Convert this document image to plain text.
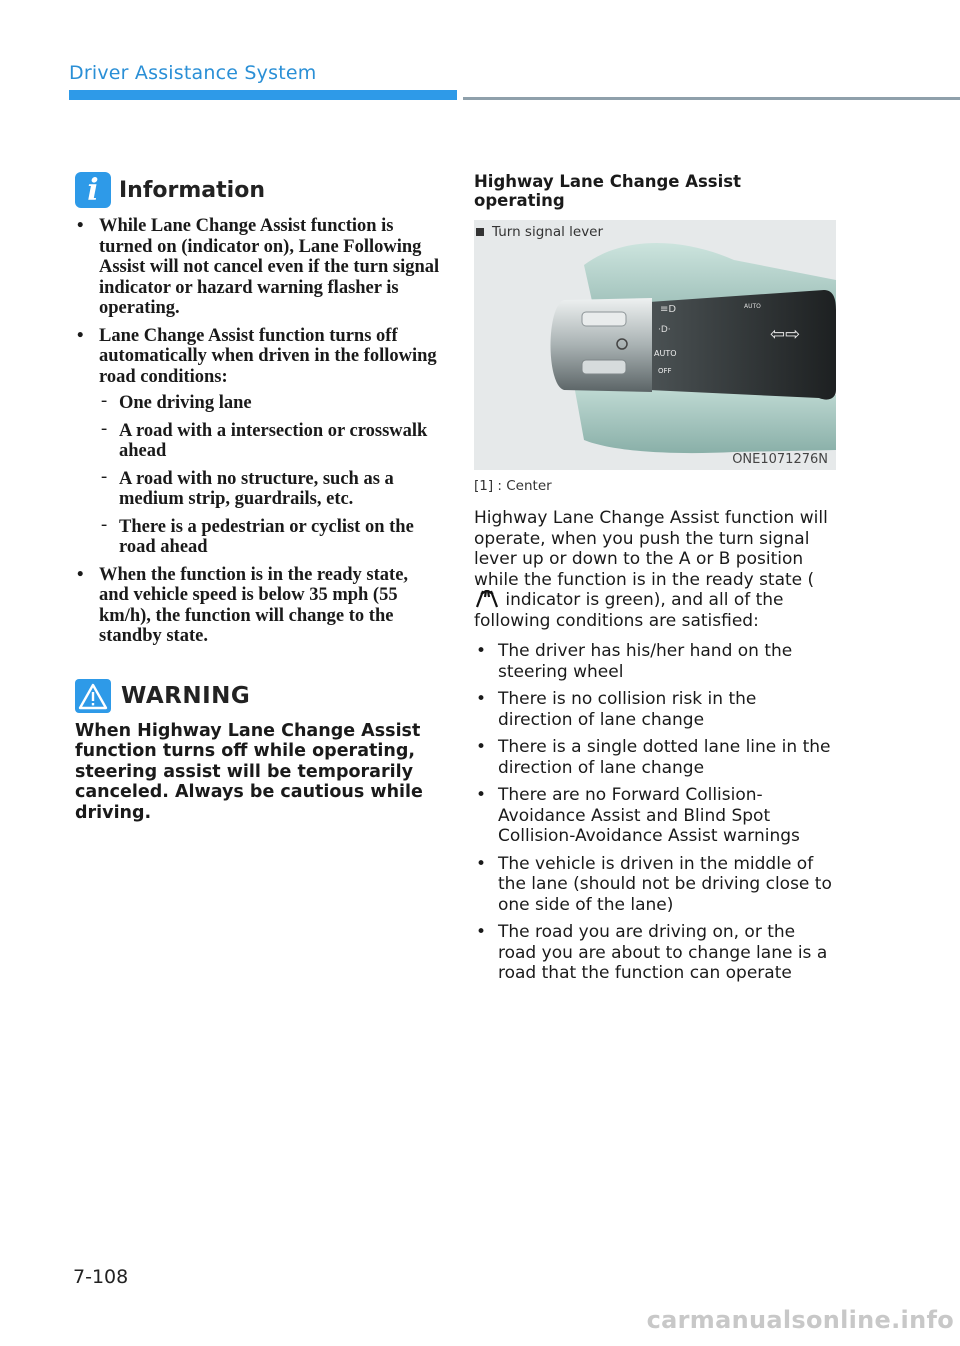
Driver Assistance System
i Information
• While Lane Change Assist function is turned on (indicator on), Lane Following Assist will not cancel even if the turn signal indicator or hazard warning flasher is operating.
• Lane Change Assist function turns off automatically when driven in the following road conditions:
- One driving lane
- A road with a intersection or crosswalk ahead
- A road with no structure, such as a medium strip, guardrails, etc.
- There is a pedestrian or cyclist on the road ahead
• When the function is in the ready state, and vehicle speed is below 35 mph (55 km/h), the function will change to the standby state.
WARNING
When Highway Lane Change Assist function turns off while operating, steering assist will be temporarily canceled. Always be cautious while driving.
Highway Lane Change Assist operating
≡D
·D·
AUTO
OFF
AUTO
⇦⇨
Turn signal lever
ONE1071276N
[1] : Center
Highway Lane Change Assist function will operate, when you push the turn signal lever up or down to the A or B position while the function is in the ready state ( indicator is green), and all of the following conditions are satisfied:
• The driver has his/her hand on the steering wheel
• There is no collision risk in the direction of lane change
• There is a single dotted lane line in the direction of lane change
• There are no Forward Collision-Avoidance Assist and Blind Spot Collision-Avoidance Assist warnings
• The vehicle is driven in the middle of the lane (should not be driving close to one side of the lane)
• The road you are driving on, or the road you are about to change lane is a road that the function can operate
7-108
carmanualsonline.info
